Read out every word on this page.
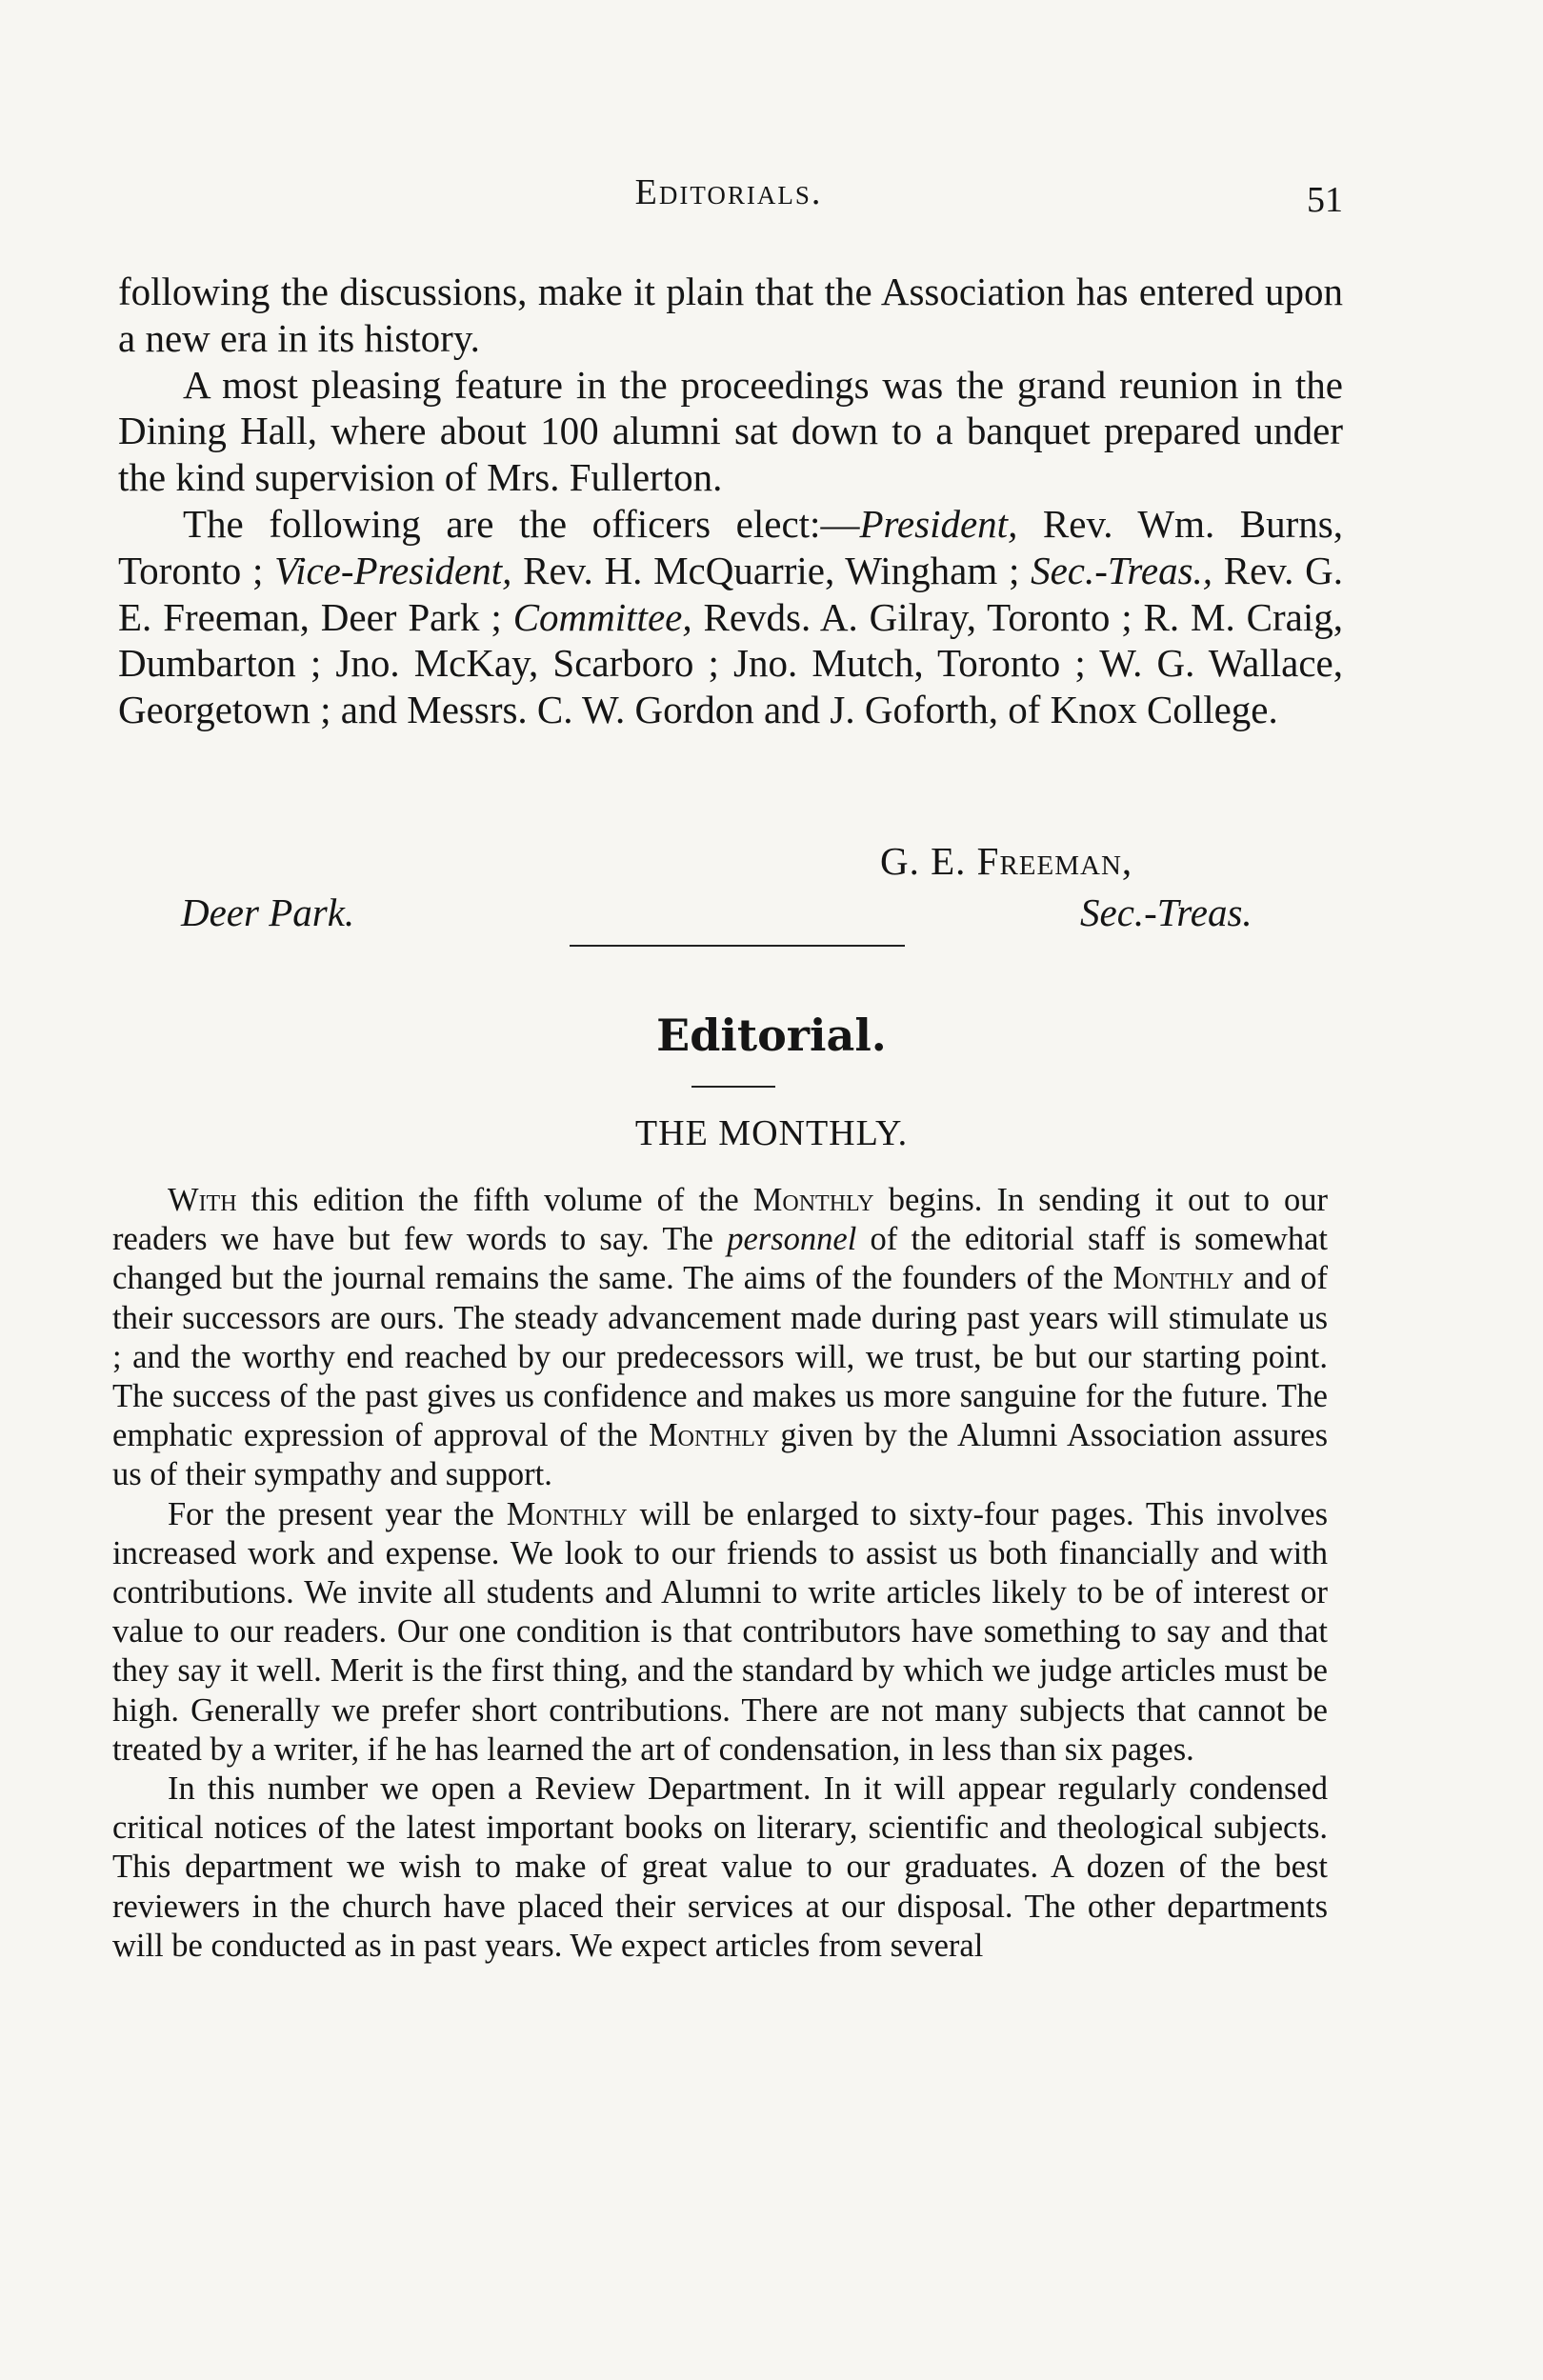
Editorials.	51

following the discussions, make it plain that the Association has entered upon a new era in its history.

A most pleasing feature in the proceedings was the grand reunion in the Dining Hall, where about 100 alumni sat down to a banquet prepared under the kind supervision of Mrs. Fullerton.

The following are the officers elect:—President, Rev. Wm. Burns, Toronto ; Vice-President, Rev. H. McQuarrie, Wingham ; Sec.-Treas., Rev. G. E. Freeman, Deer Park ; Committee, Revds. A. Gilray, Toronto ; R. M. Craig, Dumbarton ; Jno. McKay, Scarboro ; Jno. Mutch, Toronto ; W. G. Wallace, Georgetown ; and Messrs. C. W. Gordon and J. Goforth, of Knox College.

G. E. Freeman,
Deer Park.	Sec.-Treas.
Editorial.
THE MONTHLY.

With this edition the fifth volume of the Monthly begins. In sending it out to our readers we have but few words to say. The personnel of the editorial staff is somewhat changed but the journal remains the same. The aims of the founders of the Monthly and of their successors are ours. The steady advancement made during past years will stimulate us ; and the worthy end reached by our predecessors will, we trust, be but our starting point. The success of the past gives us confidence and makes us more sanguine for the future. The emphatic expression of approval of the Monthly given by the Alumni Association assures us of their sympathy and support.

For the present year the Monthly will be enlarged to sixty-four pages. This involves increased work and expense. We look to our friends to assist us both financially and with contributions. We invite all students and Alumni to write articles likely to be of interest or value to our readers. Our one condition is that contributors have something to say and that they say it well. Merit is the first thing, and the standard by which we judge articles must be high. Generally we prefer short contributions. There are not many subjects that cannot be treated by a writer, if he has learned the art of condensation, in less than six pages.

In this number we open a Review Department. In it will appear regularly condensed critical notices of the latest important books on literary, scientific and theological subjects. This department we wish to make of great value to our graduates. A dozen of the best reviewers in the church have placed their services at our disposal. The other departments will be conducted as in past years. We expect articles from several
